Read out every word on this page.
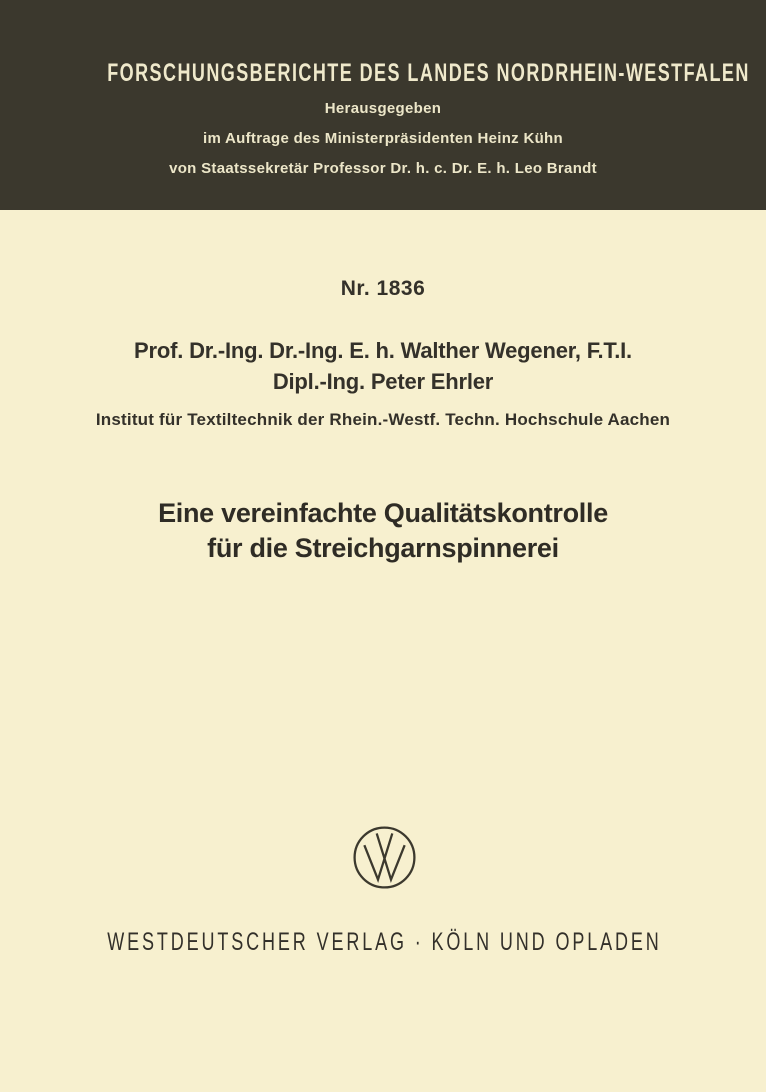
FORSCHUNGSBERICHTE DES LANDES NORDRHEIN-WESTFALEN
Herausgegeben
im Auftrage des Ministerpräsidenten Heinz Kühn
von Staatssekretär Professor Dr. h. c. Dr. E. h. Leo Brandt
Nr. 1836
Prof. Dr.-Ing. Dr.-Ing. E. h. Walther Wegener, F.T.I.
Dipl.-Ing. Peter Ehrler
Institut für Textiltechnik der Rhein.-Westf. Techn. Hochschule Aachen
Eine vereinfachte Qualitätskontrolle
für die Streichgarnspinnerei
WESTDEUTSCHER VERLAG · KÖLN UND OPLADEN
